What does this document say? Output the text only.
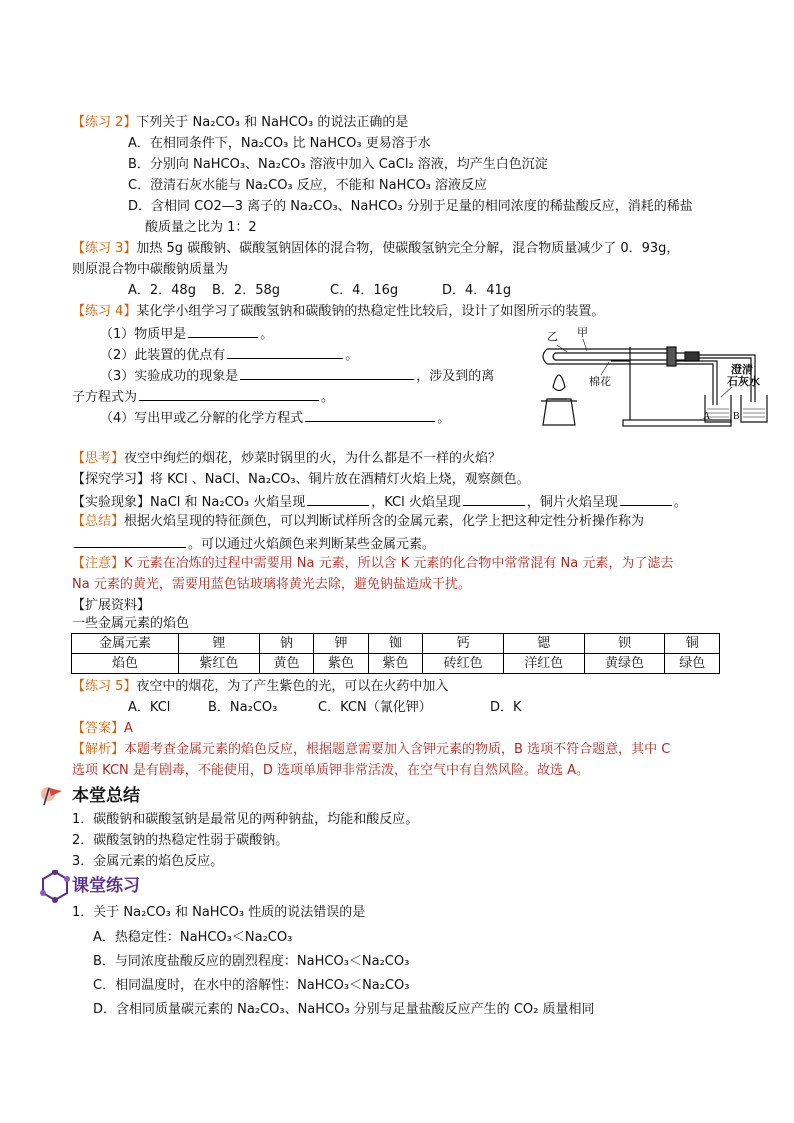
【练习 2】下列关于 Na₂CO₃ 和 NaHCO₃ 的说法正确的是
A．在相同条件下，Na₂CO₃ 比 NaHCO₃ 更易溶于水
B．分别向 NaHCO₃、Na₂CO₃ 溶液中加入 CaCl₂ 溶液，均产生白色沉淀
C．澄清石灰水能与 Na₂CO₃ 反应，不能和 NaHCO₃ 溶液反应
D．含相同 CO2—3 离子的 Na₂CO₃、NaHCO₃ 分别于足量的相同浓度的稀盐酸反应，消耗的稀盐
酸质量之比为 1：2
【练习 3】加热 5g 碳酸钠、碳酸氢钠固体的混合物，使碳酸氢钠完全分解，混合物质量减少了 0．93g，
则原混合物中碳酸钠质量为
A．2．48g B．2．58g	C．4．16g	D．4．41g
【练习 4】某化学小组学习了碳酸氢钠和碳酸钠的热稳定性比较后，设计了如图所示的装置。
（1）物质甲是	。
（2）此装置的优点有	。
（3）实验成功的现象是	，涉及到的离
子方程式为	。
（4）写出甲或乙分解的化学方程式	。
乙 甲
棉花
澄清
石灰水
A B
【思考】夜空中绚烂的烟花，炒菜时锅里的火，为什么都是不一样的火焰？
【探究学习】将 KCl 、NaCl、Na₂CO₃、铜片放在酒精灯火焰上烧，观察颜色。
【实验现象】NaCl 和 Na₂CO₃ 火焰呈现	，KCl 火焰呈现	，铜片火焰呈现	。
【总结】根据火焰呈现的特征颜色，可以判断试样所含的金属元素，化学上把这种定性分析操作称为
。可以通过火焰颜色来判断某些金属元素。
【注意】K 元素在冶炼的过程中需要用 Na 元素，所以含 K 元素的化合物中常常混有 Na 元素，为了滤去
Na 元素的黄光，需要用蓝色钴玻璃将黄光去除，避免钠盐造成干扰。
【扩展资料】
一些金属元素的焰色
金属元素	锂	钠	钾	铷	钙	锶	钡	铜
焰色	紫红色	黄色	紫色	紫色	砖红色	洋红色	黄绿色	绿色
【练习 5】夜空中的烟花，为了产生紫色的光，可以在火药中加入
A．KCl	B．Na₂CO₃	C．KCN（氰化钾）	D．K
【答案】A
【解析】本题考查金属元素的焰色反应，根据题意需要加入含钾元素的物质，B 选项不符合题意，其中 C
选项 KCN 是有剧毒，不能使用，D 选项单质钾非常活泼，在空气中有自然风险。故选 A。
本堂总结
1．碳酸钠和碳酸氢钠是最常见的两种钠盐，均能和酸反应。
2．碳酸氢钠的热稳定性弱于碳酸钠。
3．金属元素的焰色反应。
课堂练习
1．关于 Na₂CO₃ 和 NaHCO₃ 性质的说法错误的是
A．热稳定性：NaHCO₃＜Na₂CO₃
B．与同浓度盐酸反应的剧烈程度：NaHCO₃＜Na₂CO₃
C．相同温度时，在水中的溶解性：NaHCO₃＜Na₂CO₃
D．含相同质量碳元素的 Na₂CO₃、NaHCO₃ 分别与足量盐酸反应产生的 CO₂ 质量相同
